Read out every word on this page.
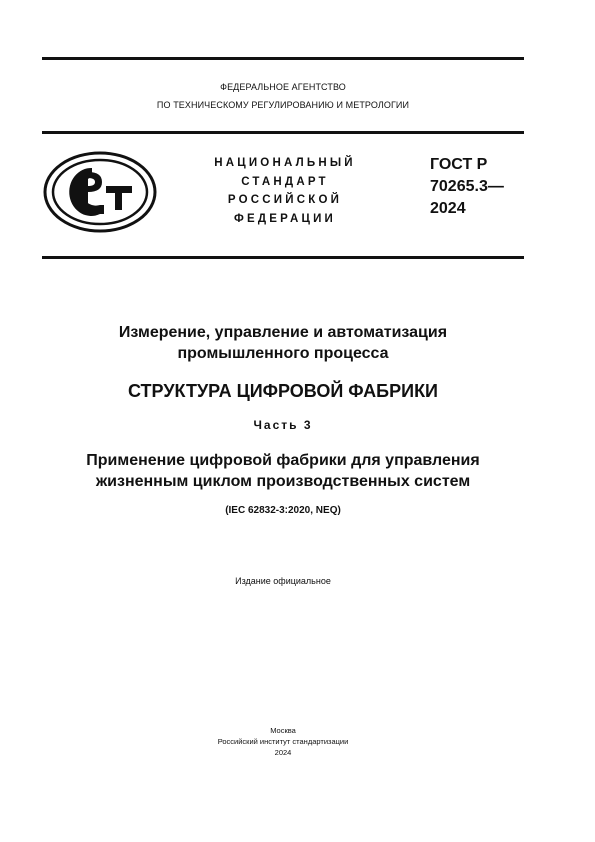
ФЕДЕРАЛЬНОЕ АГЕНТСТВО
ПО ТЕХНИЧЕСКОМУ РЕГУЛИРОВАНИЮ И МЕТРОЛОГИИ
НАЦИОНАЛЬНЫЙ
СТАНДАРТ
РОССИЙСКОЙ
ФЕДЕРАЦИИ
ГОСТ Р
70265.3—
2024
Измерение, управление и автоматизация
промышленного процесса
СТРУКТУРА ЦИФРОВОЙ ФАБРИКИ
Часть 3
Применение цифровой фабрики для управления
жизненным циклом производственных систем
(IEC 62832-3:2020, NEQ)
Издание официальное
Москва
Российский институт стандартизации
2024
